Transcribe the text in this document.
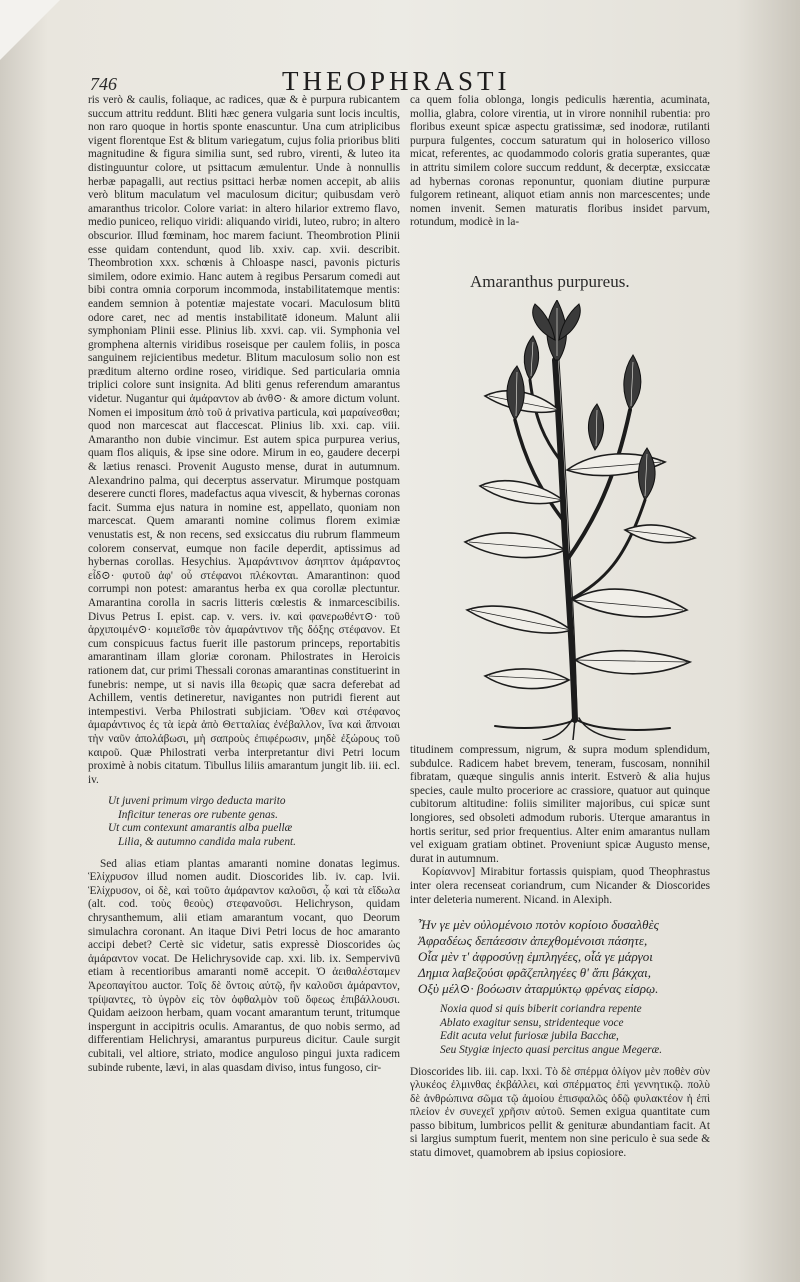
746	THEOPHRASTI

ris verò & caulis, foliaque, ac radices, quæ & è purpura rubicantem succum attritu reddunt. Bliti hæc genera vulgaria sunt locis incultis, non raro quoque in hortis sponte enascuntur. Una cum atriplicibus vigent florentque Est & blitum variegatum, cujus folia prioribus bliti magnitudine & figura similia sunt, sed rubro, virenti, & luteo ita distinguuntur colore, ut psittacum æmulentur. Unde à nonnullis herbæ papagalli, aut rectius psittaci herbæ nomen accepit, ab aliis verò blitum maculatum vel maculosum dicitur; quibusdam verò amaranthus tricolor. Colore variat: in altero hilarior extremo flavo, medio puniceo, reliquo viridi: aliquando viridi, luteo, rubro; in altero obscurior. Illud fœminam, hoc marem faciunt. Theombrotion Plinii esse quidam contendunt, quod lib. xxiv. cap. xvii. describit. Theombrotion xxx. schœnis à Chloaspe nasci, pavonis picturis similem, odore eximio. Hanc autem à regibus Persarum comedi aut bibi contra omnia corporum incommoda, instabilitatemque mentis: eandem semnion à potentiæ majestate vocari. Maculosum blitū odore caret, nec ad mentis instabilitatē idoneum. Malunt alii symphoniam Plinii esse. Plinius lib. xxvi. cap. vii. Symphonia vel gromphena alternis viridibus roseisque per caulem foliis, in posca sanguinem rejicientibus medetur. Blitum maculosum solio non est præditum alterno ordine roseo, viridique. Sed particularia omnia triplici colore sunt insignita. Ad bliti genus referendum amarantus videtur. Nugantur qui ἀμάραντον ab ἀνθ⊙· & amore dictum volunt. Nomen ei impositum ἀπὸ τοῦ ἀ privativa particula, καὶ μαραίνεσθαι; quod non marcescat aut flaccescat. Plinius lib. xxi. cap. viii. Amarantho non dubie vincimur. Est autem spica purpurea verius, quam flos aliquis, & ipse sine odore. Mirum in eo, gaudere decerpi & lætius renasci. Provenit Augusto mense, durat in autumnum. Alexandrino palma, qui decerptus asservatur. Mirumque postquam deserere cuncti flores, madefactus aqua vivescit, & hybernas coronas facit. Summa ejus natura in nomine est, appellato, quoniam non marcescat. Quem amaranti nomine colimus florem eximiæ venustatis est, & non recens, sed exsiccatus diu rubrum flammeum colorem conservat, eumque non facile deperdit, aptissimus ad hybernas corollas. Hesychius. Ἀμαράντινον ἀσηπτον ἀμάραντος εἶδ⊙· φυτοῦ ἀφ' οὗ στέφανοι πλέκονται. Amarantinon: quod corrumpi non potest: amarantus herba ex qua corollæ plectuntur. Amarantina corolla in sacris litteris cœlestis & inmarcescibilis. Divus Petrus I. epist. cap. v. vers. iv. καὶ φανερωθέντ⊙· τοῦ ἀρχιποιμέν⊙· κομιεῖσθε τὸν ἀμαράντινον τῆς δόξης στέφανον. Et cum conspicuus factus fuerit ille pastorum princeps, reportabitis amarantinam illam gloriæ coronam. Philostrates in Heroicis rationem dat, cur primi Thessali coronas amarantinas constituerint in funebris: nempe, ut si navis illa θεωρὶς quæ sacra deferebat ad Achillem, ventis detineretur, navigantes non putridi fierent aut intempestivi. Verba Philostrati subjiciam. Ὅθεν καὶ στέφανος ἀμαράντινος ἐς τὰ ἱερὰ ἀπὸ Θετταλίας ἐνέβαλλον, ἵνα καὶ ἄπνοιαι τὴν ναῦν ἀπολάβωσι, μὴ σαπροὺς ἐπιφέρωσιν, μηδὲ ἐξώρους τοῦ καιροῦ. Quæ Philostrati verba interpretantur divi Petri locum proximè à nobis citatum. Tibullus liliis amarantum jungit lib. iii. ecl. iv.

Ut juveni primum virgo deducta marito
Inficitur teneras ore rubente genas.
Ut cum contexunt amarantis alba puellæ
Lilia, & autumno candida mala rubent.

Sed alias etiam plantas amaranti nomine donatas legimus. Ἑλίχρυσον illud nomen audit. Dioscorides lib. iv. cap. lvii. Ἑλίχρυσον, οἱ δὲ, καὶ τοῦτο ἀμάραντον καλοῦσι, ᾧ καὶ τὰ εἴδωλα (alt. cod. τοὺς θεοὺς) στεφανοῦσι. Helichryson, quidam chrysanthemum, alii etiam amarantum vocant, quo Deorum simulachra coronant. An itaque Divi Petri locus de hoc amaranto accipi debet? Certè sic videtur, satis expressè Dioscorides ὡς ἀμάραντον vocat. De Helichrysovide cap. xxi. lib. ix. Sempervivū etiam à recentioribus amaranti nomē accepit. Ὁ ἀειθαλέσταμεν Ἀρεοπαγίτου auctor. Τοῖς δὲ ὄντοις αὐτῷ, ἢν καλοῦσι ἀμάραντον, τρίψαντες, τὸ ὑγρὸν εἰς τὸν ὀφθαλμὸν τοῦ ὄφεως ἐπιβάλλουσι. Quidam aeizoon herbam, quam vocant amarantum terunt, tritumque inspergunt in accipitris oculis. Amarantus, de quo nobis sermo, ad differentiam Helichrysi, amarantus purpureus dicitur. Caule surgit cubitali, vel altiore, striato, modice anguloso pingui juxta radicem subinde rubente, lævi, in alas quasdam diviso, intus fungoso, cir-

ca quem folia oblonga, longis pediculis hærentia, acuminata, mollia, glabra, colore virentia, ut in virore nonnihil rubentia: pro floribus exeunt spicæ aspectu gratissimæ, sed inodoræ, rutilanti purpura fulgentes, coccum saturatum qui in holoserico villoso micat, referentes, ac quodammodo coloris gratia superantes, quæ in attritu similem colore succum reddunt, & decerptæ, exsiccatæ ad hybernas coronas reponuntur, quoniam diutine purpuræ fulgorem retineant, aliquot etiam annis non marcescentes; unde nomen invenit. Semen maturatis floribus insidet parvum, rotundum, modicè in la-

Amaranthus purpureus.

titudinem compressum, nigrum, & supra modum splendidum, subdulce. Radicem habet brevem, teneram, fuscosam, nonnihil fibratam, quæque singulis annis interit. Estverò & alia hujus species, caule multo proceriore ac crassiore, quatuor aut quinque cubitorum altitudine: foliis similiter majoribus, cui spicæ sunt longiores, sed obsoleti admodum ruboris. Uterque amarantus in hortis seritur, sed prior frequentius. Alter enim amarantus nullam vel exiguam gratiam obtinet. Proveniunt spicæ Augusto mense, durat in autumnum.

Κορίαννον] Mirabitur fortassis quispiam, quod Theophrastus inter olera recenseat coriandrum, cum Nicander & Dioscorides inter deleteria numerent. Nicand. in Alexiph.

Ἦν γε μὲν οὐλομένοιο ποτὸν κορίοιο δυσαλθὲς
Ἀφραδέως δεπάεσσιν ἀπεχθομένοισι πάσητε,
Οἷα μὲν τ' ἀφροσύνῃ ἐμπληγέες, οἷά γε μάργοι
Δημια λαβεζούσι φρᾶζεπληγέες θ' ἅπι βάκχαι,
Οξὺ μέλ⊙· βοόωσιν ἀταρμύκτῳ φρένας εἰσρῳ.
Noxia quod si quis biberit coriandra repente
Ablato exagitur sensu, stridenteque voce
Edit acuta velut furiosæ jubila Bacchæ,
Seu Stygiæ injecto quasi percitus angue Megeræ.

Dioscorides lib. iii. cap. lxxi. Τὸ δὲ σπέρμα ὀλίγον μὲν ποθὲν σὺν γλυκέος ἐλμινθας ἐκβάλλει, καὶ σπέρματος ἐπὶ γεννητικῷ. πολὺ δὲ ἀνθρώπινα σῶμα τῷ ἀμοίου ἐπισφαλῶς ὁδῷ φυλακτέον ἡ ἐπὶ πλείον ἐν συνεχεῖ χρῆσιν αὐτοῦ. Semen exigua quantitate cum passo bibitum, lumbricos pellit & genituræ abundantiam facit. At si largius sumptum fuerit, mentem non sine periculo è sua sede & statu dimovet, quamobrem ab ipsius copiosiore.
